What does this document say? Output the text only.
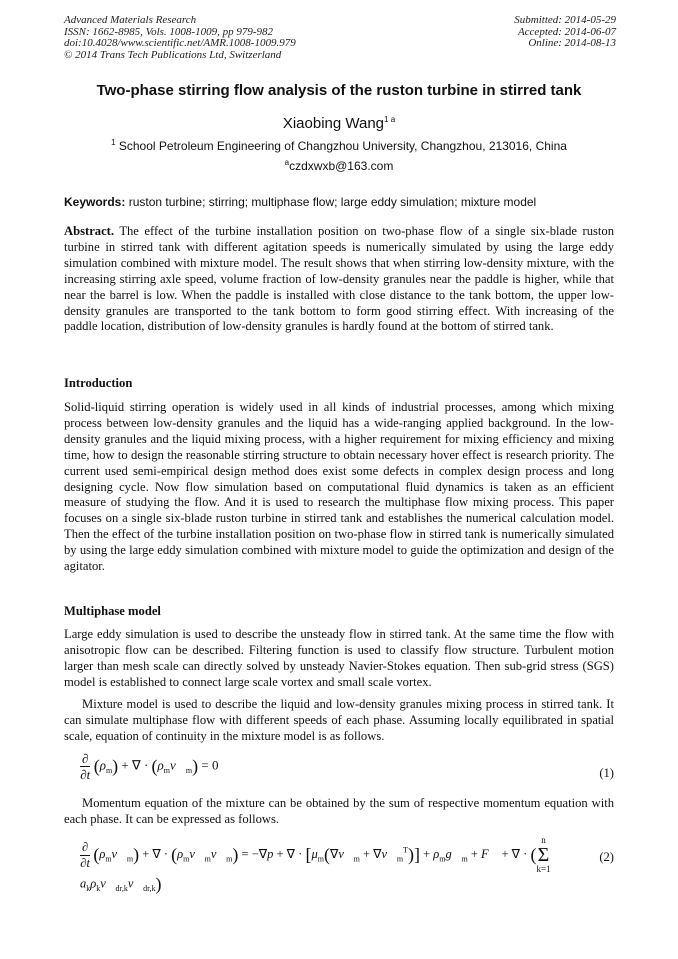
Advanced Materials Research
ISSN: 1662-8985, Vols. 1008-1009, pp 979-982
doi:10.4028/www.scientific.net/AMR.1008-1009.979
© 2014 Trans Tech Publications Ltd, Switzerland
Submitted: 2014-05-29
Accepted: 2014-06-07
Online: 2014-08-13
Two-phase stirring flow analysis of the ruston turbine in stirred tank
Xiaobing Wang$^{1 a}$
$^1$ School Petroleum Engineering of Changzhou University, Changzhou, 213016, China
$^a$czdxwxb@163.com
Keywords: ruston turbine; stirring; multiphase flow; large eddy simulation; mixture model
Abstract. The effect of the turbine installation position on two-phase flow of a single six-blade ruston turbine in stirred tank with different agitation speeds is numerically simulated by using the large eddy simulation combined with mixture model. The result shows that when stirring low-density mixture, with the increasing stirring axle speed, volume fraction of low-density granules near the paddle is higher, while that near the barrel is low. When the paddle is installed with close distance to the tank bottom, the upper low-density granules are transported to the tank bottom to form good stirring effect. With increasing of the paddle location, distribution of low-density granules is hardly found at the bottom of stirred tank.
Introduction
Solid-liquid stirring operation is widely used in all kinds of industrial processes, among which mixing process between low-density granules and the liquid has a wide-ranging applied background. In the low-density granules and the liquid mixing process, with a higher requirement for mixing efficiency and mixing time, how to design the reasonable stirring structure to obtain necessary hover effect is research priority. The current used semi-empirical design method does exist some defects in complex design process and long designing cycle. Now flow simulation based on computational fluid dynamics is taken as an efficient measure of studying the flow. And it is used to research the multiphase flow mixing process. This paper focuses on a single six-blade ruston turbine in stirred tank and establishes the numerical calculation model. Then the effect of the turbine installation position on two-phase flow in stirred tank is numerically simulated by using the large eddy simulation combined with mixture model to guide the optimization and design of the agitator.
Multiphase model
Large eddy simulation is used to describe the unsteady flow in stirred tank. At the same time the flow with anisotropic flow can be described. Filtering function is used to classify flow structure. Turbulent motion larger than mesh scale can directly solved by unsteady Navier-Stokes equation. Then sub-grid stress (SGS) model is established to connect large scale vortex and small scale vortex.
Mixture model is used to describe the liquid and low-density granules mixing process in stirred tank. It can simulate multiphase flow with different speeds of each phase. Assuming locally equilibrated in spatial scale, equation of continuity in the mixture model is as follows.
$\frac{\partial}{\partial t} (\rho_m)$ + ∇ · $(\rho_mv⃗_m) = 0$
(1)
Momentum equation of the mixture can be obtained by the sum of respective momentum equation with each phase. It can be expressed as follows.
$\frac{\partial}{\partial t}$ $(\rho_mv⃗_m)$ + ∇ · $(\rho_mv⃗_mv⃗_m) = -\nabla p$ + ∇ · [$\mu_m(\nabla v⃗_m$ + $\nabla v⃗_m^T$)] + $\rho_mg⃗_m$ + F⃗ + ∇ · (n
Σ
$k=1a_k\rho_kv⃗_{dr,k}v⃗_{dr,k}$)
(2)
